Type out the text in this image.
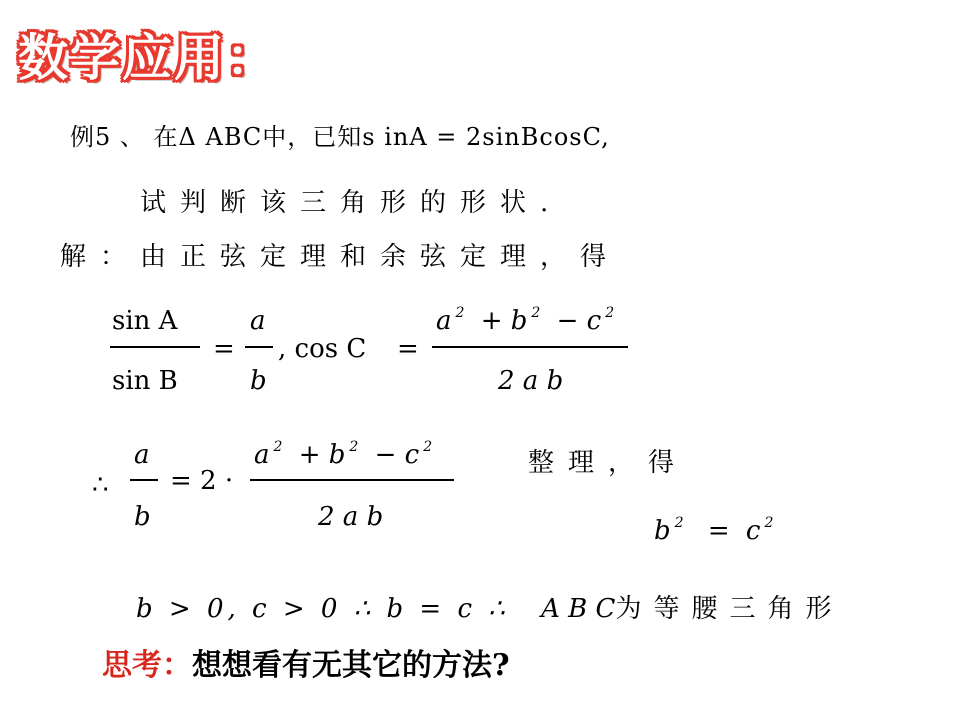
数学应用：
例5 、 在Δ ABC中，已知s inA = 2sinBcosC,
试判断该三角形的形状.
解：由正弦定理和余弦定理，得
sin A
sin B
=
a
b
, cos C =
a $^2$ + b $^2$ − c $^2$
2 a b
∴
a
b
= 2 ·
a $^2$ + b $^2$ − c $^2$
2 a b
整理，得
b $^2$ = c $^2$
b > 0, c > 0 ∴ b = c ∴ A B C为等腰三角形
思考：想想看有无其它的方法?
